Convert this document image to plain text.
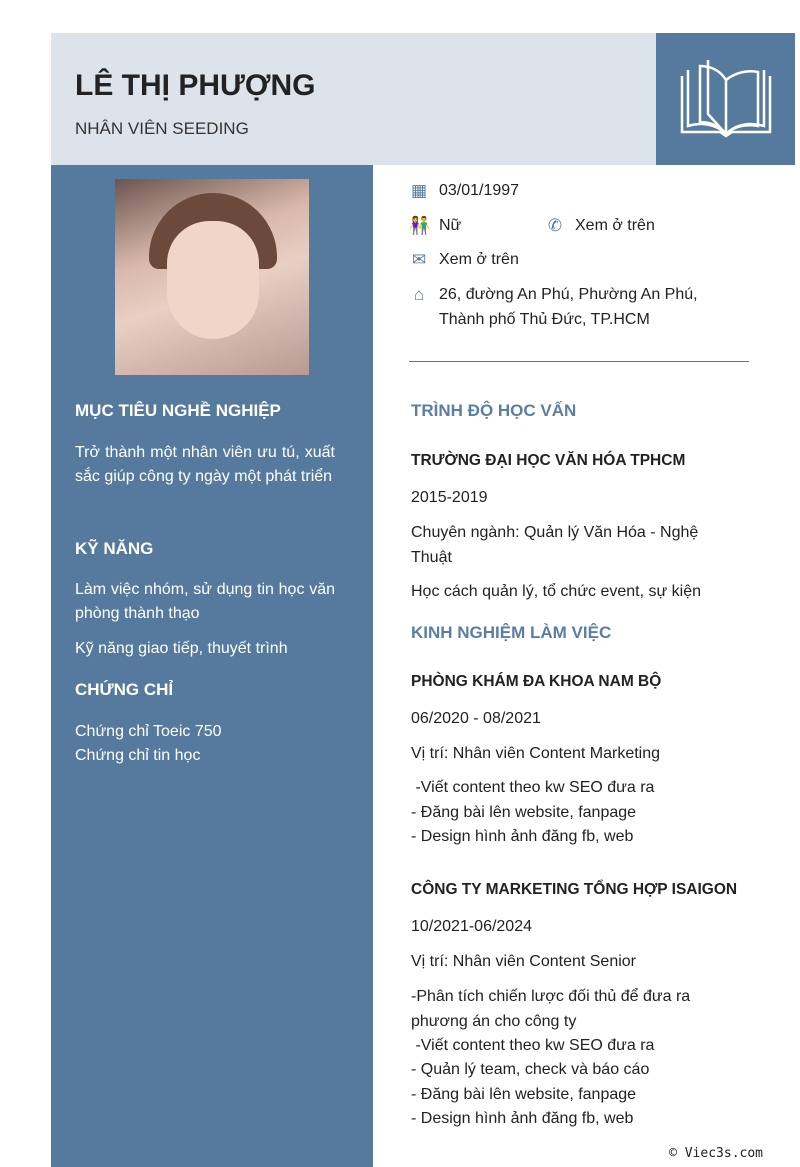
LÊ THỊ PHƯỢNG
NHÂN VIÊN SEEDING
MỤC TIÊU NGHỀ NGHIỆP
Trở thành một nhân viên ưu tú, xuất sắc giúp công ty ngày một phát triển
KỸ NĂNG
Làm việc nhóm, sử dụng tin học văn phòng thành thạo
Kỹ năng giao tiếp, thuyết trình
CHỨNG CHỈ
Chứng chỉ Toeic 750
Chứng chỉ tin học
▦ 03/01/1997
👫 Nữ	✆ Xem ở trên
✉ Xem ở trên
⌂ 26, đường An Phú, Phường An Phú,
Thành phố Thủ Đức, TP.HCM
TRÌNH ĐỘ HỌC VẤN
TRƯỜNG ĐẠI HỌC VĂN HÓA TPHCM
2015-2019
Chuyên ngành: Quản lý Văn Hóa - Nghệ Thuật
Học cách quản lý, tổ chức event, sự kiện
KINH NGHIỆM LÀM VIỆC
PHÒNG KHÁM ĐA KHOA NAM BỘ
06/2020 - 08/2021
Vị trí: Nhân viên Content Marketing
-Viết content theo kw SEO đưa ra
- Đăng bài lên website, fanpage
- Design hình ảnh đăng fb, web
CÔNG TY MARKETING TỔNG HỢP ISAIGON
10/2021-06/2024
Vị trí: Nhân viên Content Senior
-Phân tích chiến lược đối thủ để đưa ra phương án cho công ty
-Viết content theo kw SEO đưa ra
- Quản lý team, check và báo cáo
- Đăng bài lên website, fanpage
- Design hình ảnh đăng fb, web
© Viec3s.com
